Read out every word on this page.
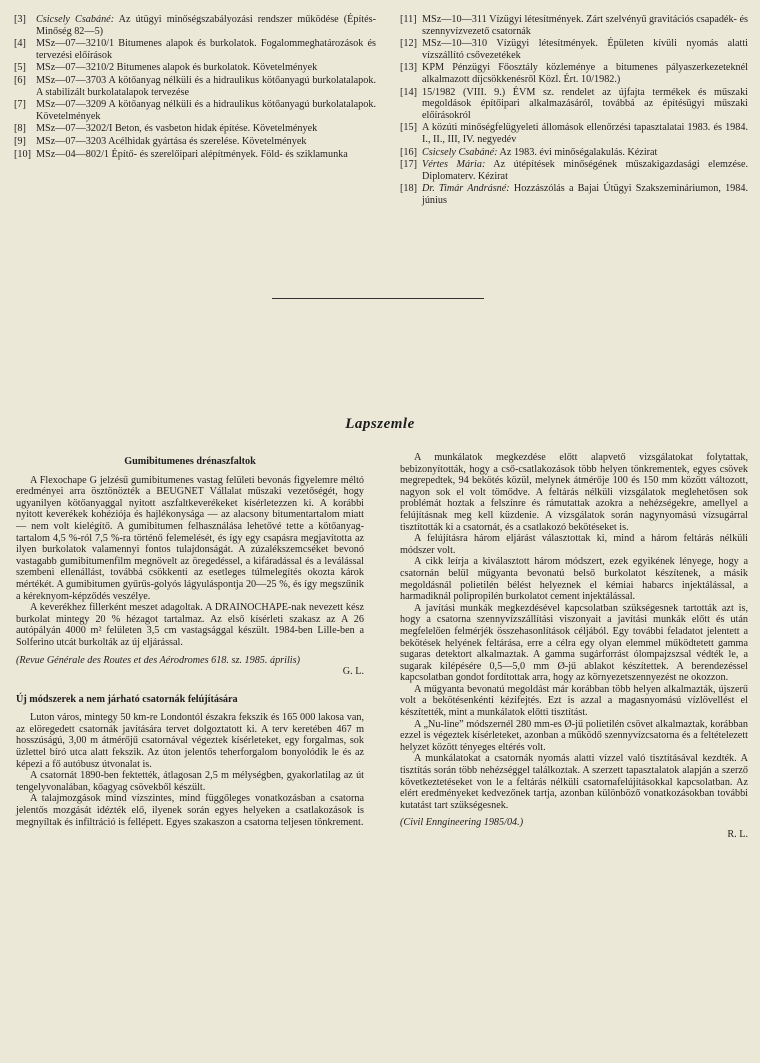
[3] Csicsely Csabáné: Az útügyi minőségszabályozási rendszer működése (Építés-Minőség 82—5)
[4] MSz—07—3210/1 Bitumenes alapok és burkolatok. Fogalommeghatározások és tervezési előírások
[5] MSz—07—3210/2 Bitumenes alapok és burkolatok. Követelmények
[6] MSz—07—3703 A kötőanyag nélküli és a hidraulikus kötőanyagú burkolatalapok. A stabilizált burkolatalapok tervezése
[7] MSz—07—3209 A kötőanyag nélküli és a hidraulikus kötőanyagú burkolatalapok. Követelmények
[8] MSz—07—3202/I Beton, és vasbeton hidak építése. Követelmények
[9] MSz—07—3203 Acélhidak gyártása és szerelése. Követelmények
[10] MSz—04—802/1 Építő- és szerelőipari alépítmények. Föld- és sziklamunka
[11] MSz—10—311 Vízügyi létesítmények. Zárt szelvényű gravitációs csapadék- és szennyvízvezető csatornák
[12] MSz—10—310 Vízügyi létesítmények. Épületen kívüli nyomás alatti vízszállító csővezetékek
[13] KPM Pénzügyi Főosztály közleménye a bitumenes pályaszerkezeteknél alkalmazott díjcsökkenésről Közl. Ért. 10/1982.)
[14] 15/1982 (VIII. 9.) ÉVM sz. rendelet az újfajta termékek és műszaki megoldások építőipari alkalmazásáról, továbbá az építésügyi műszaki előírásokról
[15] A közúti minőségfelügyeleti állomások ellenőrzési tapasztalatai 1983. és 1984. I., II., III, IV. negyedév
[16] Csicsely Csabáné: Az 1983. évi minőségalakulás. Kézirat
[17] Vértes Mária: Az útépítések minőségének műszakigazdasági elemzése. Diplomaterv. Kézirat
[18] Dr. Timár Andrásné: Hozzászólás a Bajai Útügyi Szakszemináriumon, 1984. június
Lapszemle
Gumibitumenes drénaszfaltok

A Flexochape G jelzésű gumibitumenes vastag felületi bevonás figyelemre méltó eredményei arra ösztönözték a BEUGNET Vállalat műszaki vezetőségét, hogy ugyanilyen kötőanyaggal nyitott aszfaltkeverékeket kísérletezzen ki. A korábbi nyitott keverékek kohéziója és hajlékonysága — az alacsony bitumentartalom miatt — nem volt kielégítő. A gumibitumen felhasználása lehetővé tette a kötőanyag-tartalom 4,5 %-ról 7,5 %-ra történő felemelését, és így egy csapásra megjavította az ilyen burkolatok valamennyi fontos tulajdonságát. A zúzalékszemcséket bevonó vastagabb gumibitumenfilm megnövelt az öregedéssel, a kifáradással és a leválással szembeni ellenállást, továbbá csökkenti az esetleges túlmelegítés okozta károk mértékét. A gumibitumen gyűrűs-golyós lágyuláspontja 20—25 %, és így megszűnik a kéreknyom-képződés veszélye.

A keverékhez fillerként meszet adagoltak. A DRAINOCHAPE-nak nevezett kész burkolat mintegy 20 % hézagot tartalmaz. Az első kísérleti szakasz az A 26 autópályán 4000 m² felületen 3,5 cm vastagsággal készült. 1984-ben Lille-ben a Solferino utcát burkolták az új eljárással.

(Revue Générale des Routes et des Aérodromes 618. sz. 1985. április)
G. L.
Új módszerek a nem járható csatornák felújítására

Luton város, mintegy 50 km-re Londontól északra fekszik és 165 000 lakosa van, az elöregedett csatornák javítására tervet dolgoztatott ki. A terv keretében 467 m hosszúságú, 3,00 m átmérőjű csatornával végeztek kísérleteket, egy forgalmas, sok üzlettel bíró utca alatt fekszik. Az úton jelentős teherforgalom bonyolódik le és az képezi a fő autóbusz útvonalat is.

A csatornát 1890-ben fektették, átlagosan 2,5 m mélységben, gyakorlatilag az út tengelyvonalában, kőagyag csövekből készült.

A talajmozgások mind vízszintes, mind függőleges vonatkozásban a csatorna jelentős mozgását idézték elő, ilyenek során egyes helyeken a csatlakozások is megnyíltak és infiltráció is fellépett. Egyes szakaszon a csatorna teljesen tönkrement.

A munkálatok megkezdése előtt alapvető vizsgálatokat folytattak, bebizonyították, hogy a cső-csatlakozások több helyen tönkrementek, egyes csövek megrepedtek, 94 bekötés közül, melynek átmérője 100 és 150 mm között változott, nagyon sok el volt tömődve. A feltárás nélküli vizsgálatok meglehetősen sok problémát hoztak a felszínre és rámutattak azokra a nehézségekre, amellyel a felújításnak meg kell küzdenie. A vizsgálatok során nagynyomású vízsugárral tisztították ki a csatornát, és a csatlakozó bekötéseket is.

A felújításra három eljárást választottak ki, mind a három feltárás nélküli módszer volt.

A cikk leírja a kiválasztott három módszert, ezek egyikének lényege, hogy a csatornán belül műgyanta bevonatú belső burkolatot készítenek, a másik megoldásnál polietilén bélést helyeznek el kémiai habarcs injektálással, a harmadiknál polipropilén burkolatot cement injektálással.

A javítási munkák megkezdésével kapcsolatban szükségesnek tartották azt is, hogy a csatorna szennyvízszállítási viszonyait a javítási munkák előtt és után megfelelően felmérjék összehasonlítások céljából. Egy további feladatot jelentett a bekötések helyének feltárása, erre a célra egy olyan elemmel működtetett gamma sugaras detektort alkalmaztak. A gamma sugárforrást ólompajzszsal védték le, a sugarak kilépésére 0,5—5,0 mm Ø-jű ablakot készítettek. A berendezéssel kapcsolatban gondot fordítottak arra, hogy az környezetszennyezést ne okozzon.

A műgyanta bevonatú megoldást már korábban több helyen alkalmazták, újszerű volt a bekötésenkénti kézifejtés. Ezt is azzal a magasnyomású vízlövellést el készítették, mint a munkálatok előtti tisztítást.

A „Nu-line” módszernél 280 mm-es Ø-jű polietilén csövet alkalmaztak, korábban ezzel is végeztek kísérleteket, azonban a működő szennyvízcsatorna és a feltételezett helyzet között tényeges eltérés volt.

A munkálatokat a csatornák nyomás alatti vízzel való tisztításával kezdték. A tisztítás során több nehézséggel találkoztak. A szerzett tapasztalatok alapján a szerző következtetéseket von le a feltárás nélküli csatornafelújításokkal kapcsolatban. Az elért eredményeket kedvezőnek tartja, azonban különböző vonatkozásokban további kutatást tart szükségesnek.

(Civil Enngineering 1985/04.)
R. L.
